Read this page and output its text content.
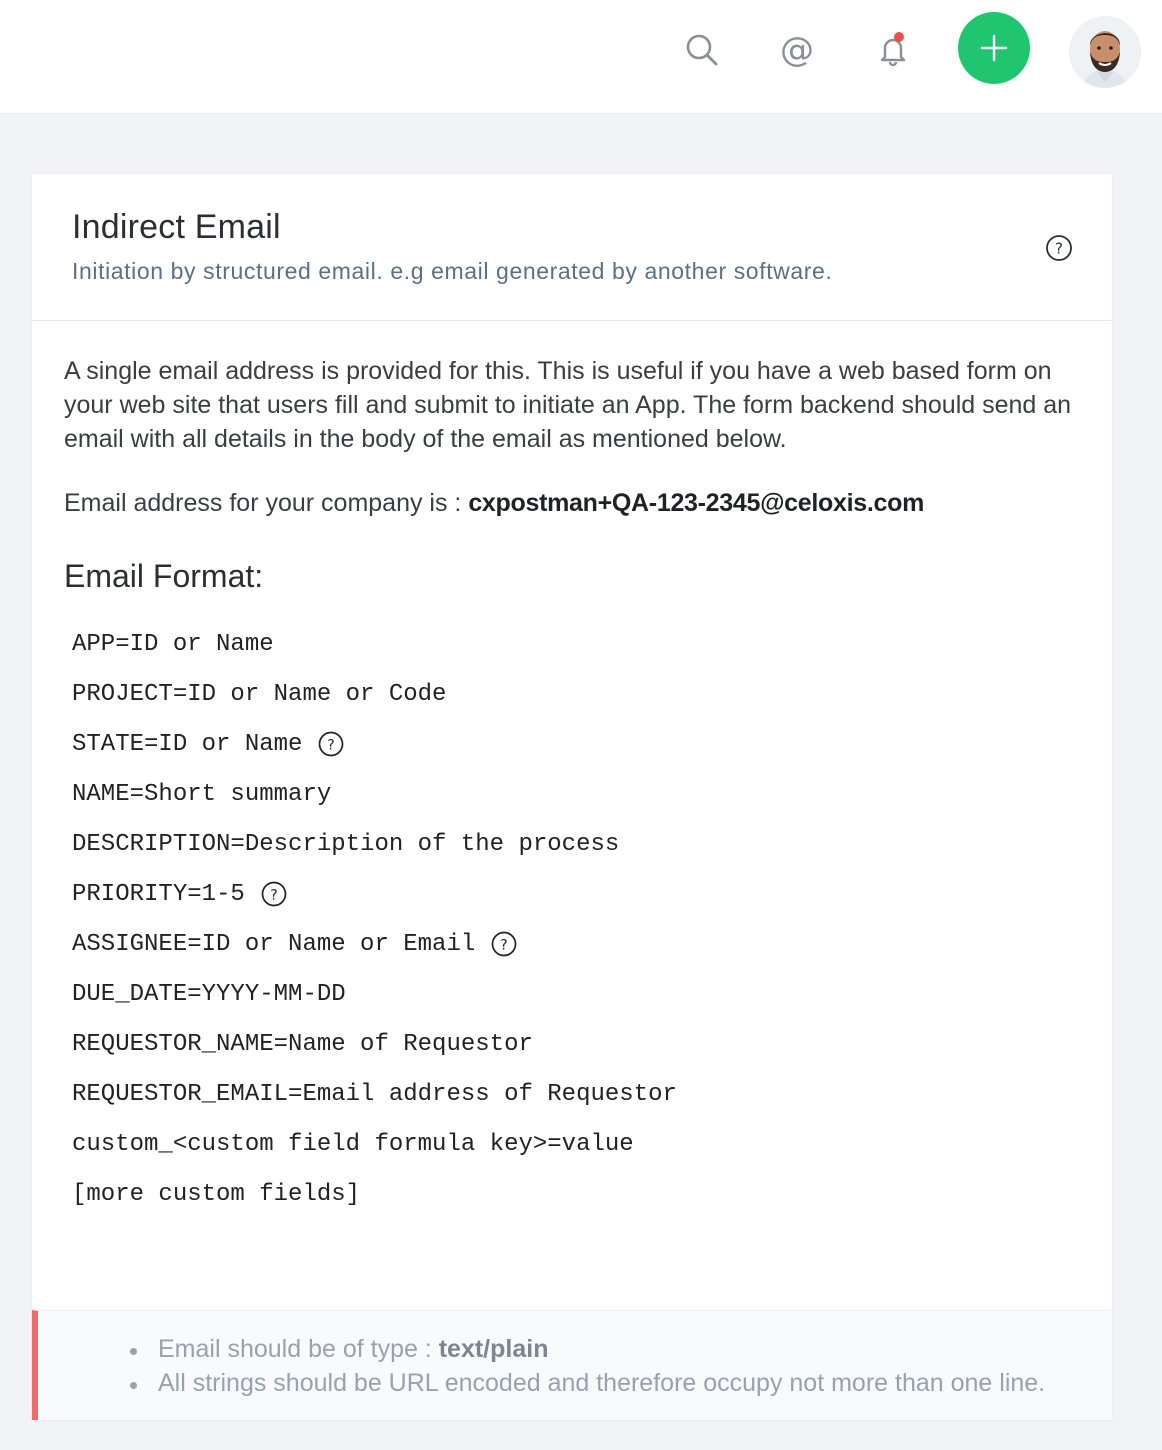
@
Indirect Email
Initiation by structured email. e.g email generated by another software.
?
A single email address is provided for this. This is useful if you have a web based form on your web site that users fill and submit to initiate an App. The form backend should send an email with all details in the body of the email as mentioned below.
Email address for your company is : cxpostman+QA-123-2345@celoxis.com
Email Format:
APP=ID or Name
PROJECT=ID or Name or Code
STATE=ID or Name ?
NAME=Short summary
DESCRIPTION=Description of the process
PRIORITY=1-5 ?
ASSIGNEE=ID or Name or Email ?
DUE_DATE=YYYY-MM-DD
REQUESTOR_NAME=Name of Requestor
REQUESTOR_EMAIL=Email address of Requestor
custom_<custom field formula key>=value
[more custom fields]
Email should be of type : text/plain
All strings should be URL encoded and therefore occupy not more than one line.
